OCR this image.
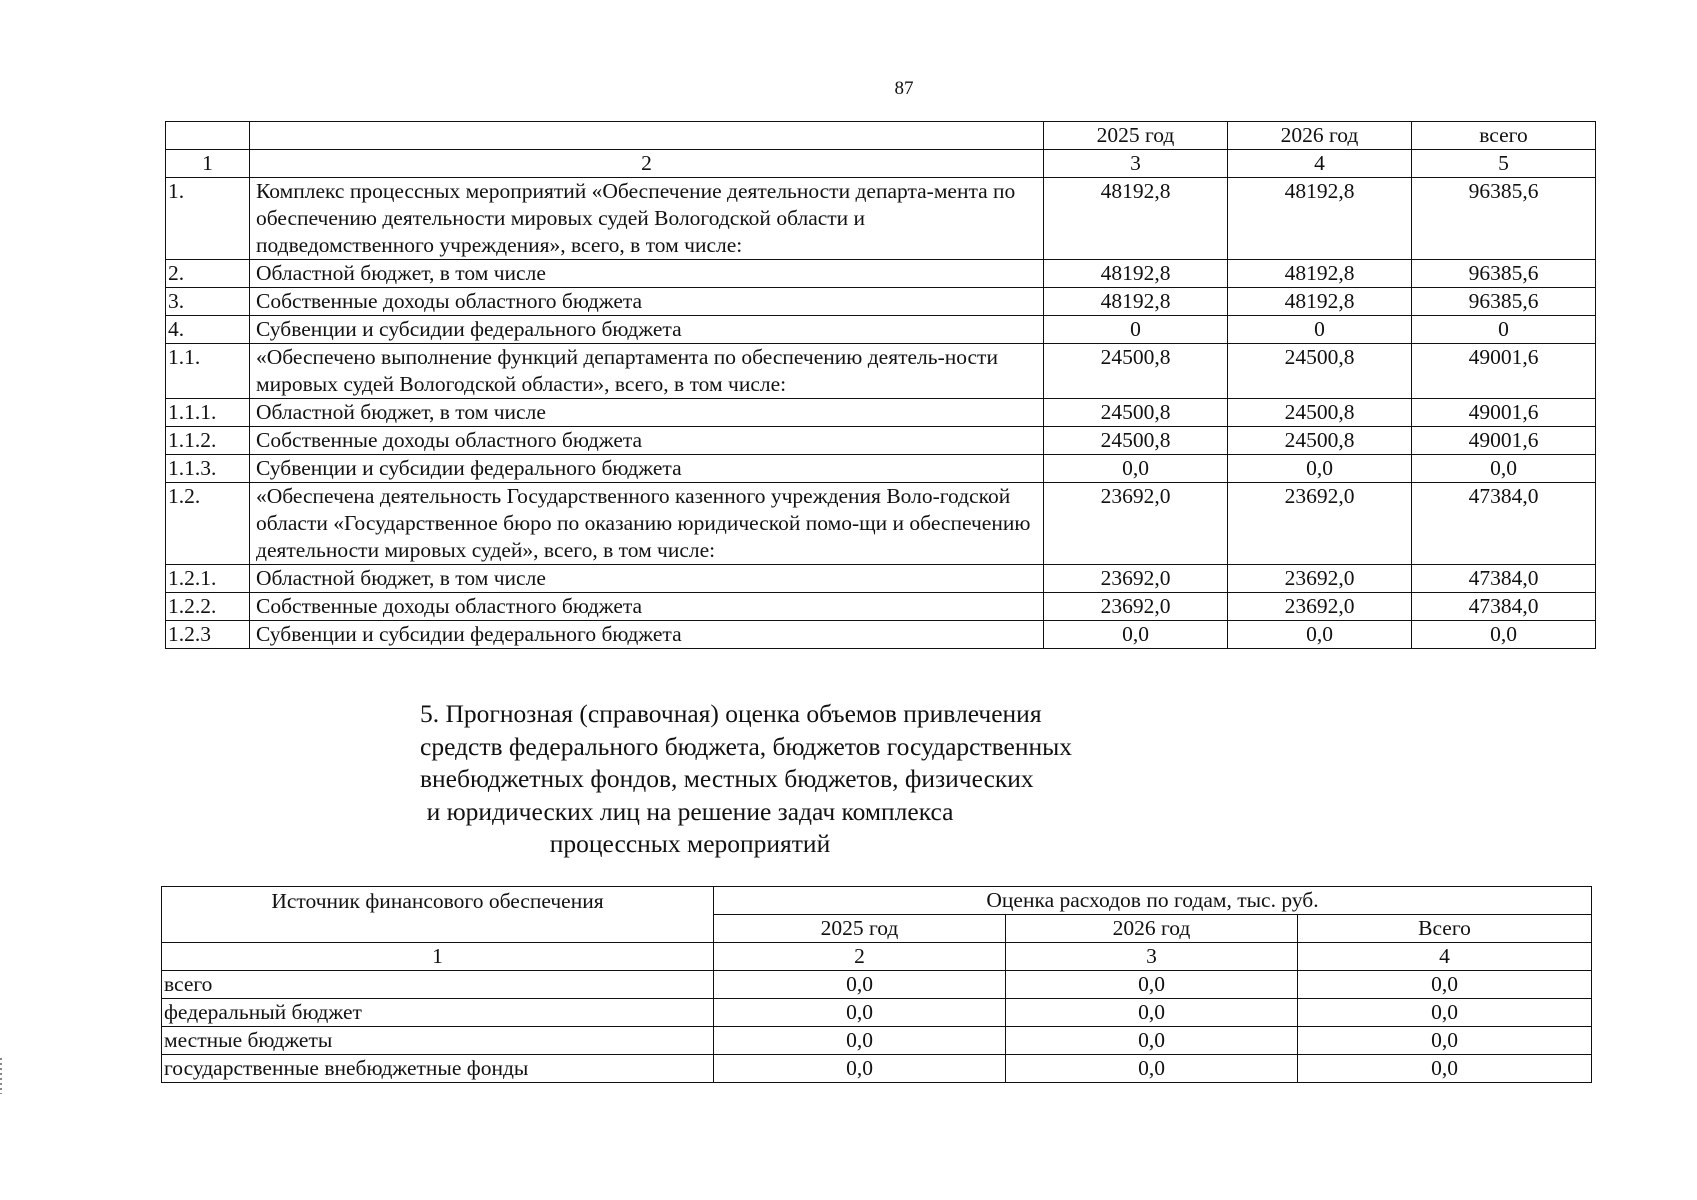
87
		2025 год	2026 год	всего
1	2	3	4	5
1.	Комплекс процессных мероприятий «Обеспечение деятельности департа-мента по обеспечению деятельности мировых судей Вологодской области и подведомственного учреждения», всего, в том числе:	48192,8	48192,8	96385,6
2.	Областной бюджет, в том числе	48192,8	48192,8	96385,6
3.	Собственные доходы областного бюджета	48192,8	48192,8	96385,6
4.	Субвенции и субсидии федерального бюджета	0	0	0
1.1.	«Обеспечено выполнение функций департамента по обеспечению деятель-ности мировых судей Вологодской области», всего, в том числе:	24500,8	24500,8	49001,6
1.1.1.	Областной бюджет, в том числе	24500,8	24500,8	49001,6
1.1.2.	Собственные доходы областного бюджета	24500,8	24500,8	49001,6
1.1.3.	Субвенции и субсидии федерального бюджета	0,0	0,0	0,0
1.2.	«Обеспечена деятельность Государственного казенного учреждения Воло-годской области «Государственное бюро по оказанию юридической помо-щи и обеспечению деятельности мировых судей», всего, в том числе:	23692,0	23692,0	47384,0
1.2.1.	Областной бюджет, в том числе	23692,0	23692,0	47384,0
1.2.2.	Собственные доходы областного бюджета	23692,0	23692,0	47384,0
1.2.3	Субвенции и субсидии федерального бюджета	0,0	0,0	0,0
5. Прогнозная (справочная) оценка объемов привлечения
средств федерального бюджета, бюджетов государственных
внебюджетных фондов, местных бюджетов, физических
и юридических лиц на решение задач комплекса
процессных мероприятий
Источник финансового обеспечения	Оценка расходов по годам, тыс. руб.		
	2025 год	2026 год	Всего
1	2	3	4
всего	0,0	0,0	0,0
федеральный бюджет	0,0	0,0	0,0
местные бюджеты	0,0	0,0	0,0
государственные внебюджетные фонды	0,0	0,0	0,0
